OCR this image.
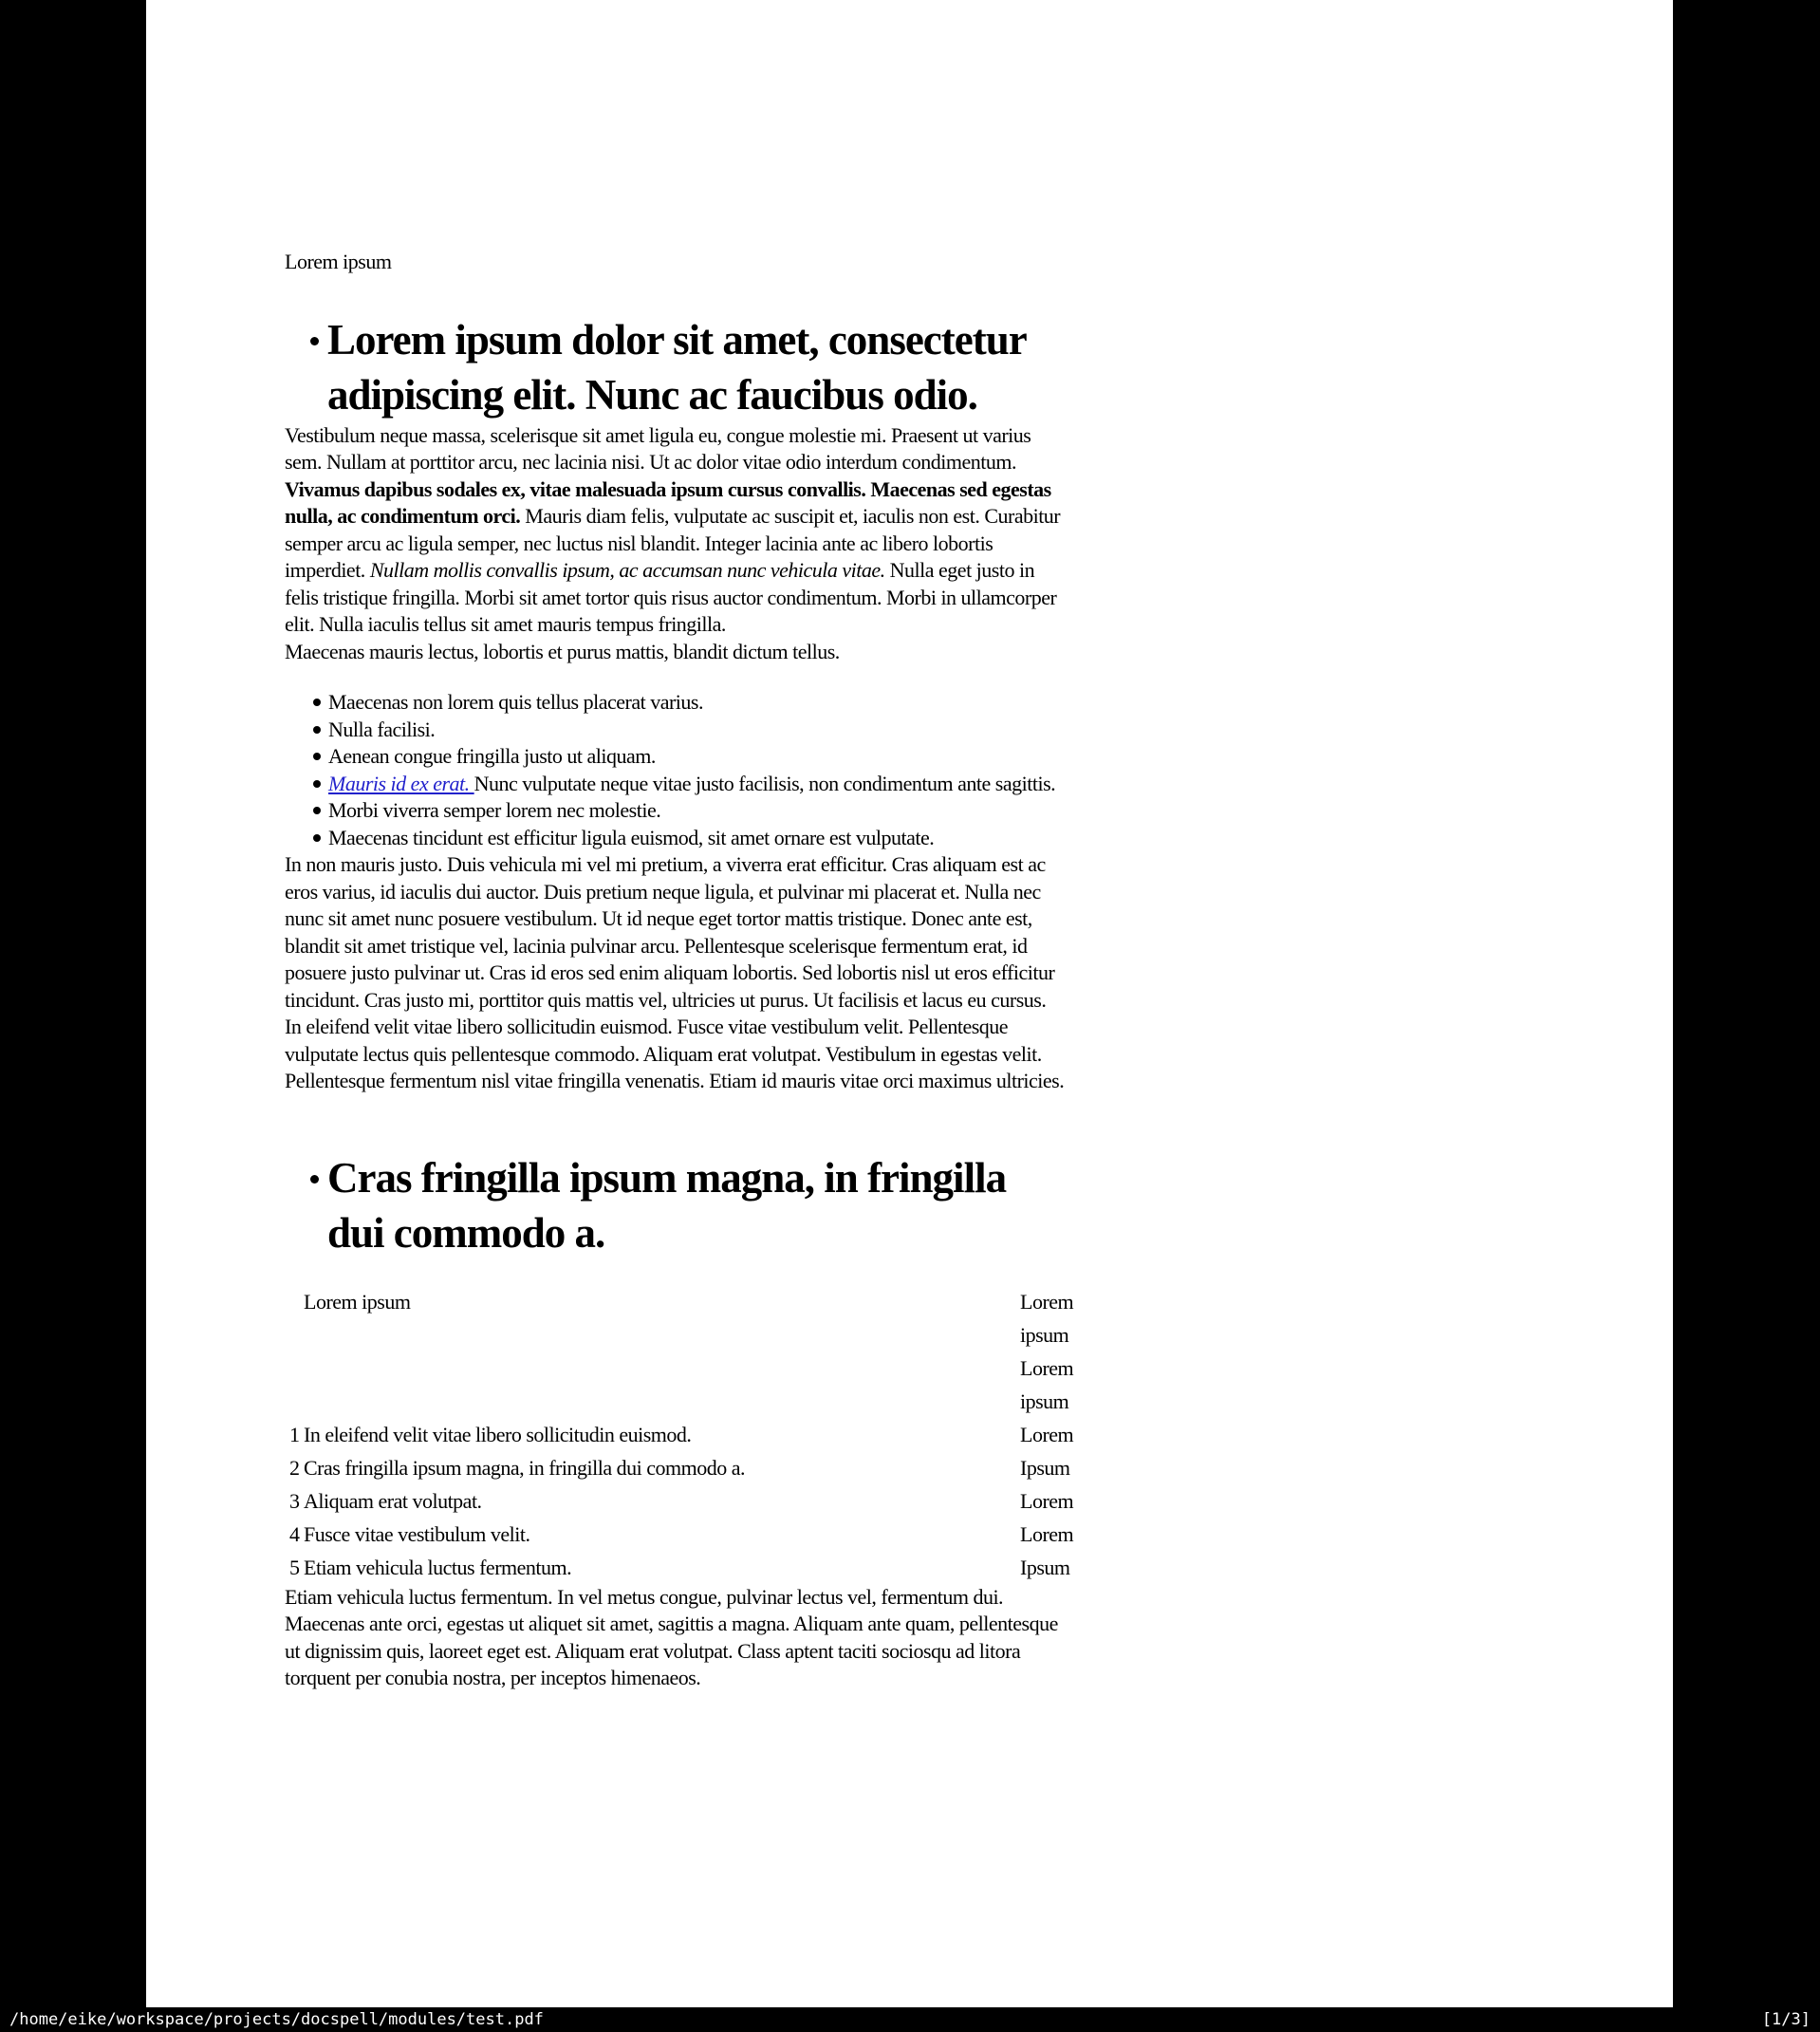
Lorem ipsum

Lorem ipsum dolor sit amet, consectetur adipiscing elit. Nunc ac faucibus odio.

Vestibulum neque massa, scelerisque sit amet ligula eu, congue molestie mi. Praesent ut varius sem. Nullam at porttitor arcu, nec lacinia nisi. Ut ac dolor vitae odio interdum condimentum. Vivamus dapibus sodales ex, vitae malesuada ipsum cursus convallis. Maecenas sed egestas nulla, ac condimentum orci. Mauris diam felis, vulputate ac suscipit et, iaculis non est. Curabitur semper arcu ac ligula semper, nec luctus nisl blandit. Integer lacinia ante ac libero lobortis imperdiet. Nullam mollis convallis ipsum, ac accumsan nunc vehicula vitae. Nulla eget justo in felis tristique fringilla. Morbi sit amet tortor quis risus auctor condimentum. Morbi in ullamcorper elit. Nulla iaculis tellus sit amet mauris tempus fringilla.

Maecenas mauris lectus, lobortis et purus mattis, blandit dictum tellus.

Maecenas non lorem quis tellus placerat varius.
Nulla facilisi.
Aenean congue fringilla justo ut aliquam.
Mauris id ex erat. Nunc vulputate neque vitae justo facilisis, non condimentum ante sagittis.
Morbi viverra semper lorem nec molestie.
Maecenas tincidunt est efficitur ligula euismod, sit amet ornare est vulputate.

In non mauris justo. Duis vehicula mi vel mi pretium, a viverra erat efficitur. Cras aliquam est ac eros varius, id iaculis dui auctor. Duis pretium neque ligula, et pulvinar mi placerat et. Nulla nec nunc sit amet nunc posuere vestibulum. Ut id neque eget tortor mattis tristique. Donec ante est, blandit sit amet tristique vel, lacinia pulvinar arcu. Pellentesque scelerisque fermentum erat, id posuere justo pulvinar ut. Cras id eros sed enim aliquam lobortis. Sed lobortis nisl ut eros efficitur tincidunt. Cras justo mi, porttitor quis mattis vel, ultricies ut purus. Ut facilisis et lacus eu cursus.

In eleifend velit vitae libero sollicitudin euismod. Fusce vitae vestibulum velit. Pellentesque vulputate lectus quis pellentesque commodo. Aliquam erat volutpat. Vestibulum in egestas velit. Pellentesque fermentum nisl vitae fringilla venenatis. Etiam id mauris vitae orci maximus ultricies.

Cras fringilla ipsum magna, in fringilla dui commodo a.
Lorem ipsum	Lorem ipsum Lorem ipsum
1 In eleifend velit vitae libero sollicitudin euismod.	Lorem
2 Cras fringilla ipsum magna, in fringilla dui commodo a.	Ipsum
3 Aliquam erat volutpat.	Lorem
4 Fusce vitae vestibulum velit.	Lorem
5 Etiam vehicula luctus fermentum.	Ipsum

Etiam vehicula luctus fermentum. In vel metus congue, pulvinar lectus vel, fermentum dui. Maecenas ante orci, egestas ut aliquet sit amet, sagittis a magna. Aliquam ante quam, pellentesque ut dignissim quis, laoreet eget est. Aliquam erat volutpat. Class aptent taciti sociosqu ad litora torquent per conubia nostra, per inceptos himenaeos.

/home/eike/workspace/projects/docspell/modules/test.pdf	[1/3]
